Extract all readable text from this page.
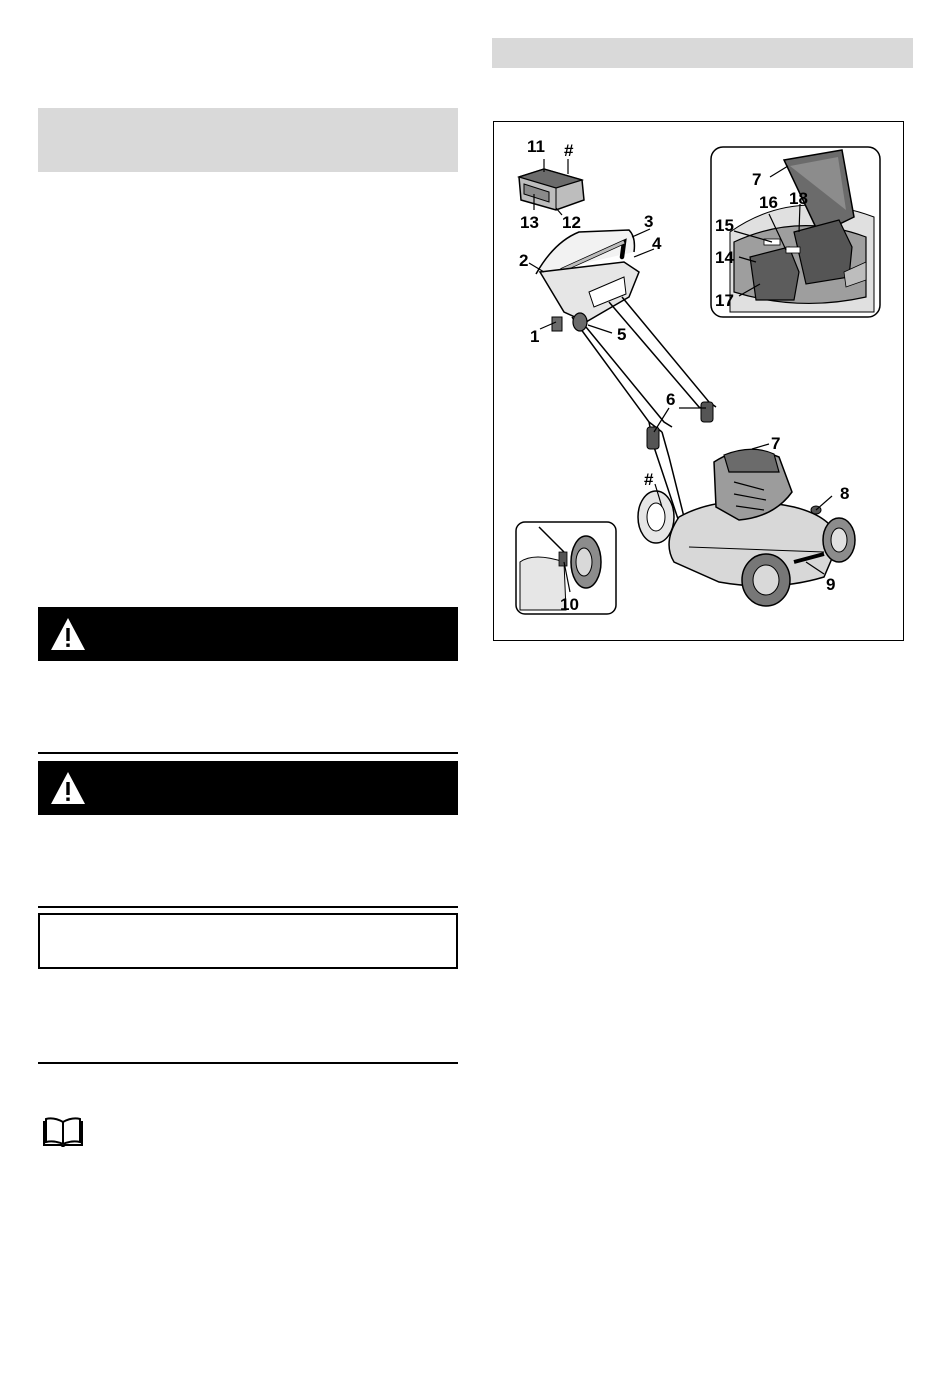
11 #
13 12	3
4
2
1	5
6
7
8
#
9
10
7
16 18
15
14
17
